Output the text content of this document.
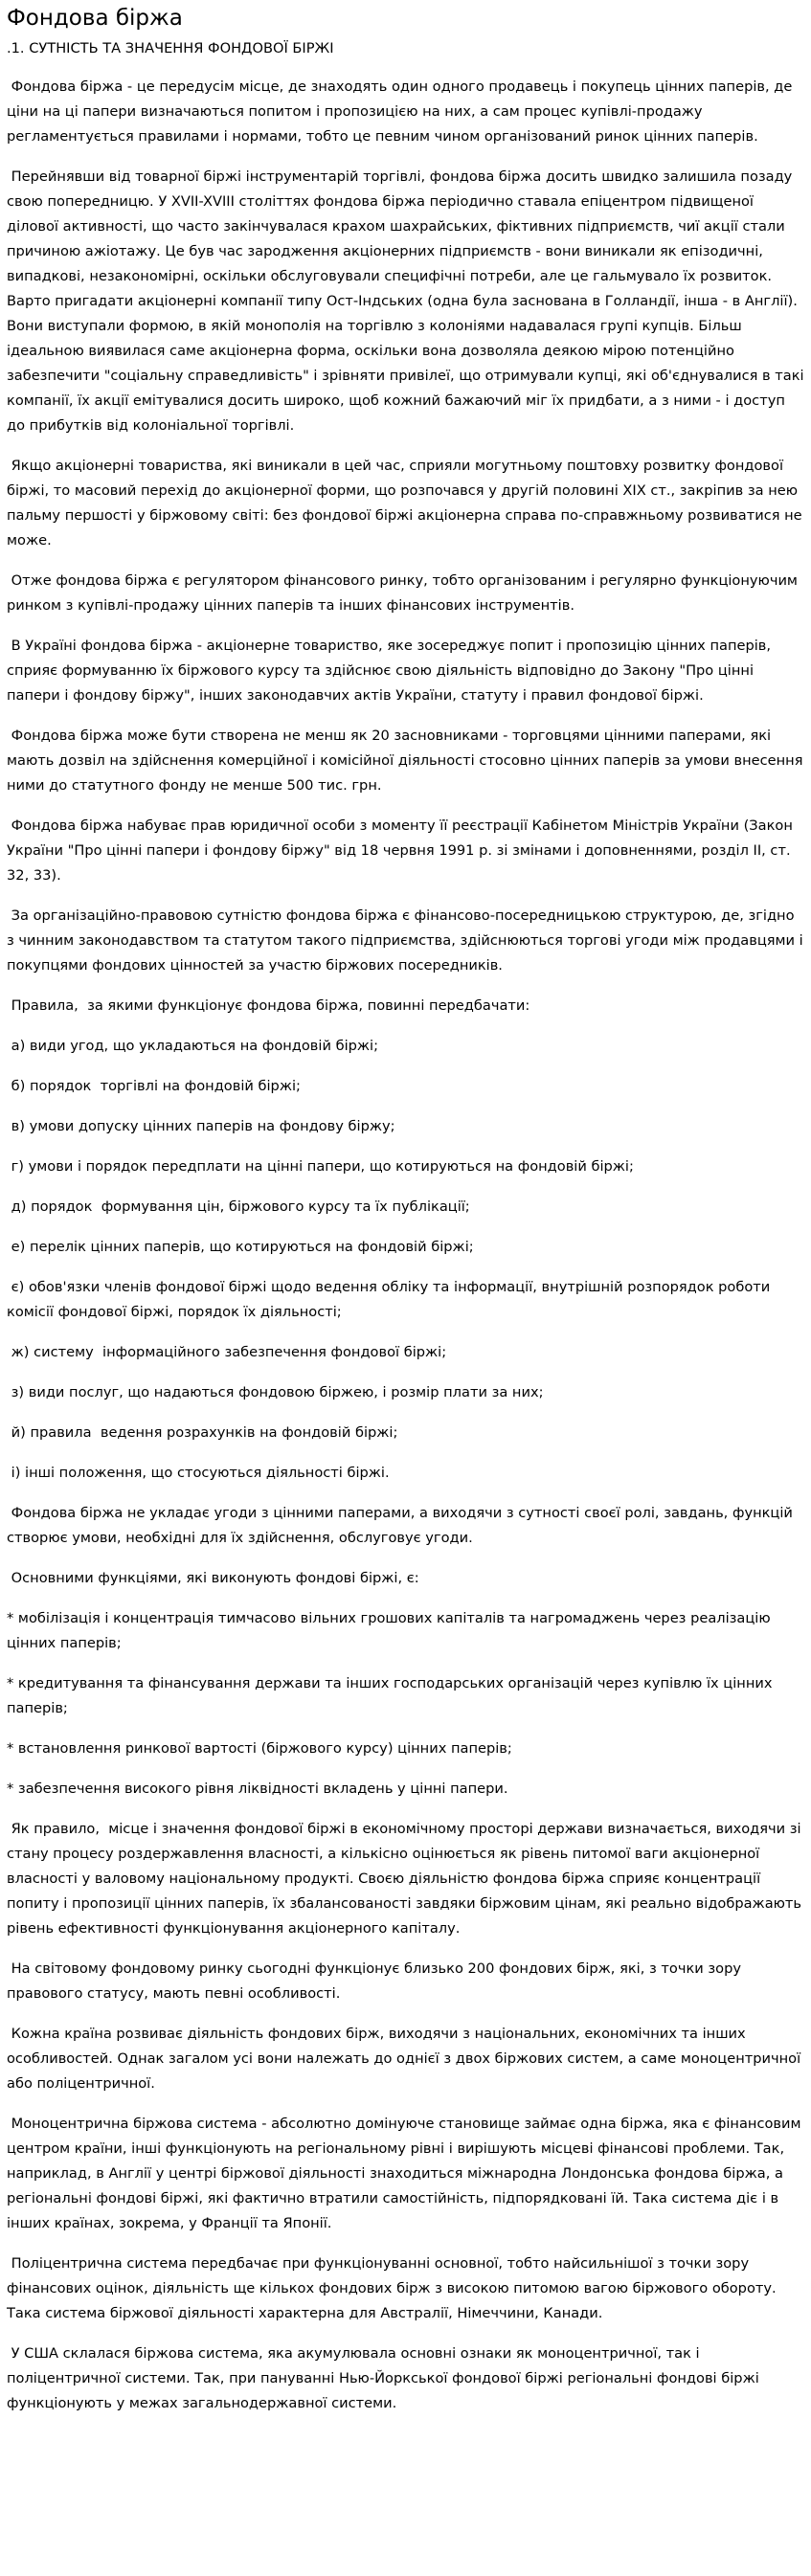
Фондова біржа
.1. СУТНІСТЬ ТА ЗНАЧЕННЯ ФОНДОВОЇ БІРЖІ

Фондова біржа - це передусім місце, де знаходять один одного продавець і покупець цінних паперів, де ціни на ці папери визначаються попитом і пропозицією на них, а сам процес купівлі-продажу регламентується правилами і нормами, тобто це певним чином організований ринок цінних паперів.

Перейнявши від товарної біржі інструментарій торгівлі, фондова біржа досить швидко залишила позаду свою попередницю. У XVII-XVIII століттях фондова біржа періодично ставала епіцентром підвищеної ділової активності, що часто закінчувалася крахом шахрайських, фіктивних підприємств, чиї акції стали причиною ажіотажу. Це був час зародження акціонерних підприємств - вони виникали як епізодичні, випадкові, незакономірні, оскільки обслуговували специфічні потреби, але це гальмувало їх розвиток. Варто пригадати акціонерні компанії типу Ост-Індських (одна була заснована в Голландії, інша - в Англії). Вони виступали формою, в якій монополія на торгівлю з колоніями надавалася групі купців. Більш ідеальною виявилася саме акціонерна форма, оскільки вона дозволяла деякою мірою потенційно забезпечити "соціальну справедливість" і зрівняти привілеї, що отримували купці, які об'єднувалися в такі компанії, їх акції емітувалися досить широко, щоб кожний бажаючий міг їх придбати, а з ними - і доступ до прибутків від колоніальної торгівлі.

Якщо акціонерні товариства, які виникали в цей час, сприяли могутньому поштовху розвитку фондової біржі, то масовий перехід до акціонерної форми, що розпочався у другій половині XIX ст., закріпив за нею пальму першості у біржовому світі: без фондової біржі акціонерна справа по-справжньому розвиватися не може.

Отже фондова біржа є регулятором фінансового ринку, тобто організованим і регулярно функціонуючим ринком з купівлі-продажу цінних паперів та інших фінансових інструментів.

В Україні фондова біржа - акціонерне товариство, яке зосереджує попит і пропозицію цінних паперів, сприяє формуванню їх біржового курсу та здійснює свою діяльність відповідно до Закону "Про цінні папери і фондову біржу", інших законодавчих актів України, статуту і правил фондової біржі.

Фондова біржа може бути створена не менш як 20 засновниками - торговцями цінними паперами, які мають дозвіл на здійснення комерційної і комісійної діяльності стосовно цінних паперів за умови внесення ними до статутного фонду не менше 500 тис. грн.

Фондова біржа набуває прав юридичної особи з моменту її реєстрації Кабінетом Міністрів України (Закон України "Про цінні папери і фондову біржу" від 18 червня 1991 р. зі змінами і доповненнями, розділ II, ст. 32, 33).

За організаційно-правовою сутністю фондова біржа є фінансово-посередницькою структурою, де, згідно з чинним законодавством та статутом такого підприємства, здійснюються торгові угоди між продавцями і покупцями фондових цінностей за участю біржових посередників.

Правила,  за якими функціонує фондова біржа, повинні передбачати:

а) види угод, що укладаються на фондовій біржі;

б) порядок  торгівлі на фондовій біржі;

в) умови допуску цінних паперів на фондову біржу;

г) умови і порядок передплати на цінні папери, що котируються на фондовій біржі;

д) порядок  формування цін, біржового курсу та їх публікації;

е) перелік цінних паперів, що котируються на фондовій біржі;

є) обов'язки членів фондової біржі щодо ведення обліку та інформації, внутрішній розпорядок роботи комісії фондової біржі, порядок їх діяльності;

ж) систему  інформаційного забезпечення фондової біржі;

з) види послуг, що надаються фондовою біржею, і розмір плати за них;

й) правила  ведення розрахунків на фондовій біржі;

і) інші положення, що стосуються діяльності біржі.

Фондова біржа не укладає угоди з цінними паперами, а виходячи з сутності своєї ролі, завдань, функцій створює умови, необхідні для їх здійснення, обслуговує угоди.

Основними функціями, які виконують фондові біржі, є:

* мобілізація і концентрація тимчасово вільних грошових капіталів та нагромаджень через реалізацію цінних паперів;

* кредитування та фінансування держави та інших господарських організацій через купівлю їх цінних паперів;

* встановлення ринкової вартості (біржового курсу) цінних паперів;

* забезпечення високого рівня ліквідності вкладень у цінні папери.

Як правило,  місце і значення фондової біржі в економічному просторі держави визначається, виходячи зі стану процесу роздержавлення власності, а кількісно оцінюється як рівень питомої ваги акціонерної власності у валовому національному продукті. Своєю діяльністю фондова біржа сприяє концентрації попиту і пропозиції цінних паперів, їх збалансованості завдяки біржовим цінам, які реально відображають рівень ефективності функціонування акціонерного капіталу.

На світовому фондовому ринку сьогодні функціонує близько 200 фондових бірж, які, з точки зору правового статусу, мають певні особливості.

Кожна країна розвиває діяльність фондових бірж, виходячи з національних, економічних та інших особливостей. Однак загалом усі вони належать до однієї з двох біржових систем, а саме моноцентричної або поліцентричної.

Моноцентрична біржова система - абсолютно домінуюче становище займає одна біржа, яка є фінансовим центром країни, інші функціонують на регіональному рівні і вирішують місцеві фінансові проблеми. Так, наприклад, в Англії у центрі біржової діяльності знаходиться міжнародна Лондонська фондова біржа, а регіональні фондові біржі, які фактично втратили самостійність, підпорядковані їй. Така система діє і в інших країнах, зокрема, у Франції та Японії.

Поліцентрична система передбачає при функціонуванні основної, тобто найсильнішої з точки зору фінансових оцінок, діяльність ще кількох фондових бірж з високою питомою вагою біржового обороту. Така система біржової діяльності характерна для Австралії, Німеччини, Канади.

У США склалася біржова система, яка акумулювала основні ознаки як моноцентричної, так і поліцентричної системи. Так, при пануванні Нью-Йоркської фондової біржі регіональні фондові біржі функціонують у межах загальнодержавної системи.
